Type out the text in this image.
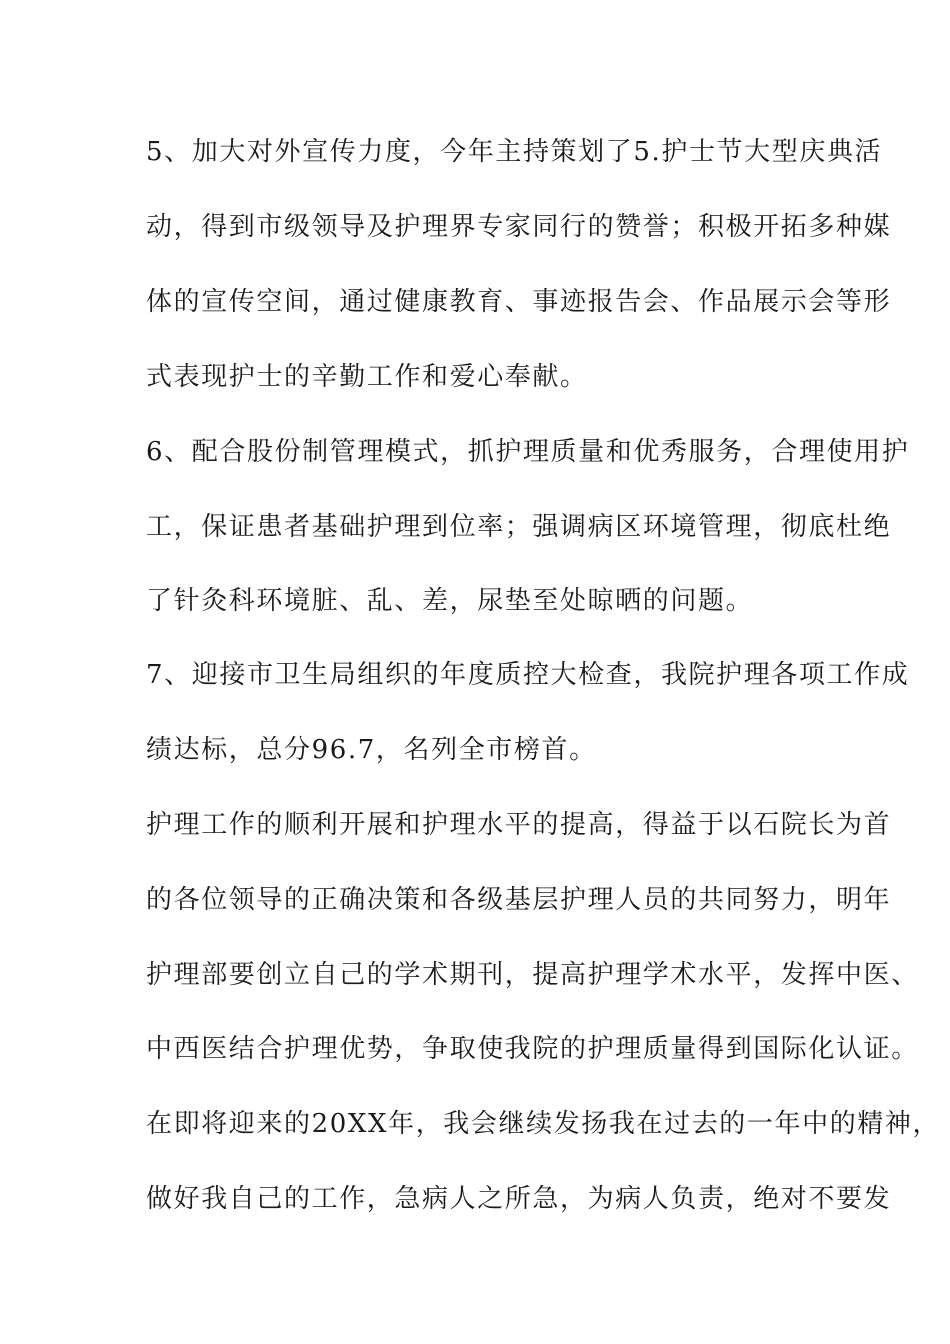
5、加大对外宣传力度，今年主持策划了5.护士节大型庆典活

动，得到市级领导及护理界专家同行的赞誉；积极开拓多种媒

体的宣传空间，通过健康教育、事迹报告会、作品展示会等形

式表现护士的辛勤工作和爱心奉献。

6、配合股份制管理模式，抓护理质量和优秀服务，合理使用护

工，保证患者基础护理到位率；强调病区环境管理，彻底杜绝

了针灸科环境脏、乱、差，尿垫至处晾晒的问题。

7、迎接市卫生局组织的年度质控大检查，我院护理各项工作成

绩达标，总分96.7，名列全市榜首。

护理工作的顺利开展和护理水平的提高，得益于以石院长为首

的各位领导的正确决策和各级基层护理人员的共同努力，明年

护理部要创立自己的学术期刊，提高护理学术水平，发挥中医、

中西医结合护理优势，争取使我院的护理质量得到国际化认证。

在即将迎来的20XX年，我会继续发扬我在过去的一年中的精神，

做好我自己的工作，急病人之所急，为病人负责，绝对不要发
